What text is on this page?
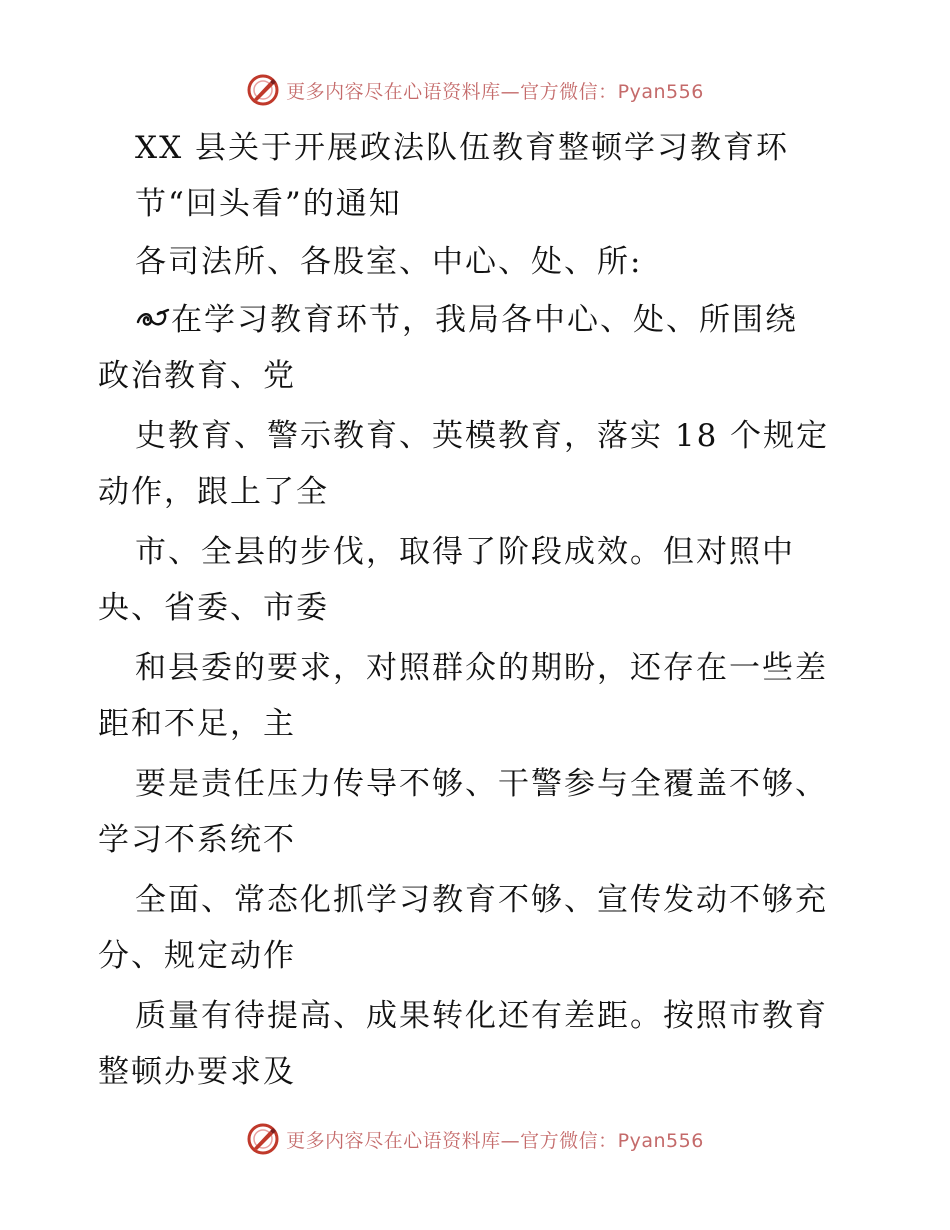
更多内容尽在心语资料库—官方微信：Pyan556
XX 县关于开展政法队伍教育整顿学习教育环
节“回头看”的通知
各司法所、各股室、中心、处、所:
在学习教育环节，我局各中心、处、所围绕
政治教育、党
史教育、警示教育、英模教育，落实 18 个规定
动作，跟上了全
市、全县的步伐，取得了阶段成效。但对照中
央、省委、市委
和县委的要求，对照群众的期盼，还存在一些差
距和不足，主
要是责任压力传导不够、干警参与全覆盖不够、
学习不系统不
全面、常态化抓学习教育不够、宣传发动不够充
分、规定动作
质量有待提高、成果转化还有差距。按照市教育
整顿办要求及
更多内容尽在心语资料库—官方微信：Pyan556
